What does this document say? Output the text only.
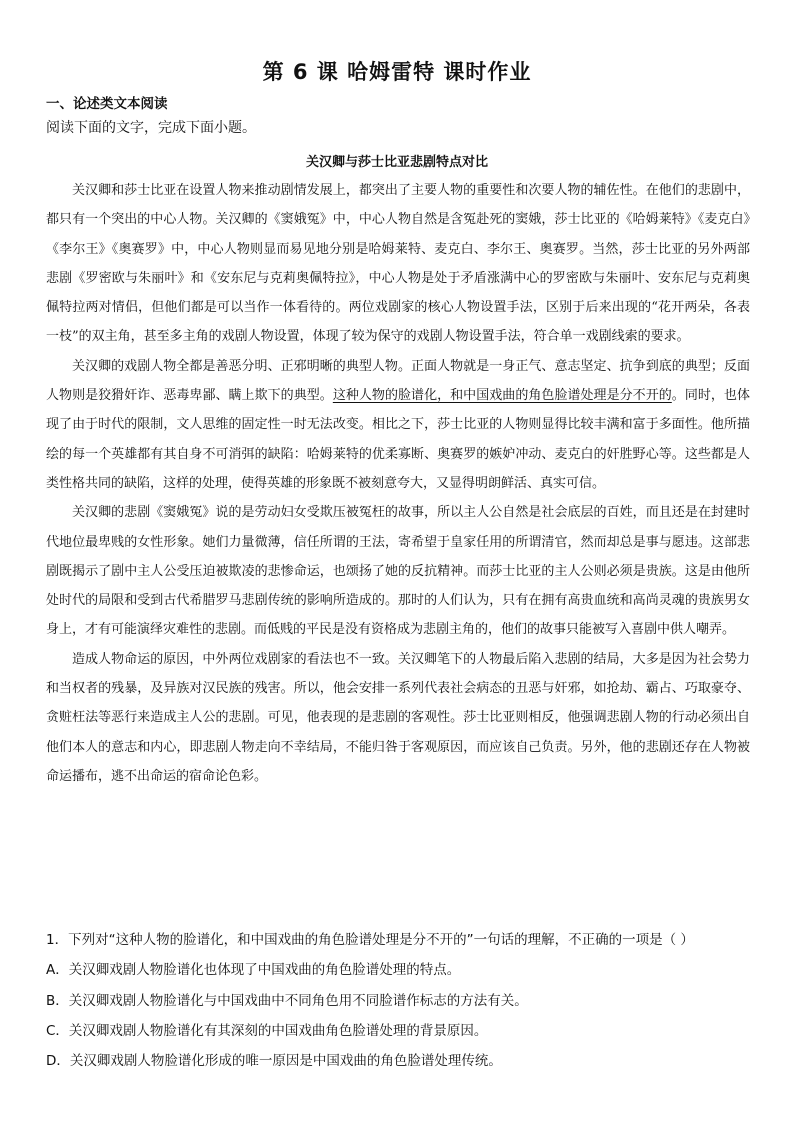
第 6 课 哈姆雷特 课时作业
一、论述类文本阅读
阅读下面的文字，完成下面小题。
关汉卿与莎士比亚悲剧特点对比

关汉卿和莎士比亚在设置人物来推动剧情发展上，都突出了主要人物的重要性和次要人物的辅佐性。在他们的悲剧中，都只有一个突出的中心人物。关汉卿的《窦娥冤》中，中心人物自然是含冤赴死的窦娥，莎士比亚的《哈姆莱特》《麦克白》《李尔王》《奥赛罗》中，中心人物则显而易见地分别是哈姆莱特、麦克白、李尔王、奥赛罗。当然，莎士比亚的另外两部悲剧《罗密欧与朱丽叶》和《安东尼与克莉奥佩特拉》，中心人物是处于矛盾涨满中心的罗密欧与朱丽叶、安东尼与克莉奥佩特拉两对情侣，但他们都是可以当作一体看待的。两位戏剧家的核心人物设置手法，区别于后来出现的“花开两朵，各表一枝”的双主角，甚至多主角的戏剧人物设置，体现了较为保守的戏剧人物设置手法，符合单一戏剧线索的要求。

关汉卿的戏剧人物全都是善恶分明、正邪明晰的典型人物。正面人物就是一身正气、意志坚定、抗争到底的典型；反面人物则是狡猾奸诈、恶毒卑鄙、瞒上欺下的典型。这种人物的脸谱化，和中国戏曲的角色脸谱处理是分不开的。同时，也体现了由于时代的限制，文人思维的固定性一时无法改变。相比之下，莎士比亚的人物则显得比较丰满和富于多面性。他所描绘的每一个英雄都有其自身不可消弭的缺陷：哈姆莱特的优柔寡断、奥赛罗的嫉妒冲动、麦克白的奸胜野心等。这些都是人类性格共同的缺陷，这样的处理，使得英雄的形象既不被刻意夸大，又显得明朗鲜活、真实可信。

关汉卿的悲剧《窦娥冤》说的是劳动妇女受欺压被冤枉的故事，所以主人公自然是社会底层的百姓，而且还是在封建时代地位最卑贱的女性形象。她们力量微薄，信任所谓的王法，寄希望于皇家任用的所谓清官，然而却总是事与愿违。这部悲剧既揭示了剧中主人公受压迫被欺凌的悲惨命运，也颂扬了她的反抗精神。而莎士比亚的主人公则必须是贵族。这是由他所处时代的局限和受到古代希腊罗马悲剧传统的影响所造成的。那时的人们认为，只有在拥有高贵血统和高尚灵魂的贵族男女身上，才有可能演绎灾难性的悲剧。而低贱的平民是没有资格成为悲剧主角的，他们的故事只能被写入喜剧中供人嘲弄。

造成人物命运的原因，中外两位戏剧家的看法也不一致。关汉卿笔下的人物最后陷入悲剧的结局，大多是因为社会势力和当权者的残暴，及异族对汉民族的残害。所以，他会安排一系列代表社会病态的丑恶与奸邪，如抢劫、霸占、巧取豪夺、贪赃枉法等恶行来造成主人公的悲剧。可见，他表现的是悲剧的客观性。莎士比亚则相反，他强调悲剧人物的行动必须出自他们本人的意志和内心，即悲剧人物走向不幸结局，不能归咎于客观原因，而应该自己负责。另外，他的悲剧还存在人物被命运播布，逃不出命运的宿命论色彩。

1．下列对“这种人物的脸谱化，和中国戏曲的角色脸谱处理是分不开的”一句话的理解，不正确的一项是（ ）
A．关汉卿戏剧人物脸谱化也体现了中国戏曲的角色脸谱处理的特点。
B．关汉卿戏剧人物脸谱化与中国戏曲中不同角色用不同脸谱作标志的方法有关。
C．关汉卿戏剧人物脸谱化有其深刻的中国戏曲角色脸谱处理的背景原因。
D．关汉卿戏剧人物脸谱化形成的唯一原因是中国戏曲的角色脸谱处理传统。
